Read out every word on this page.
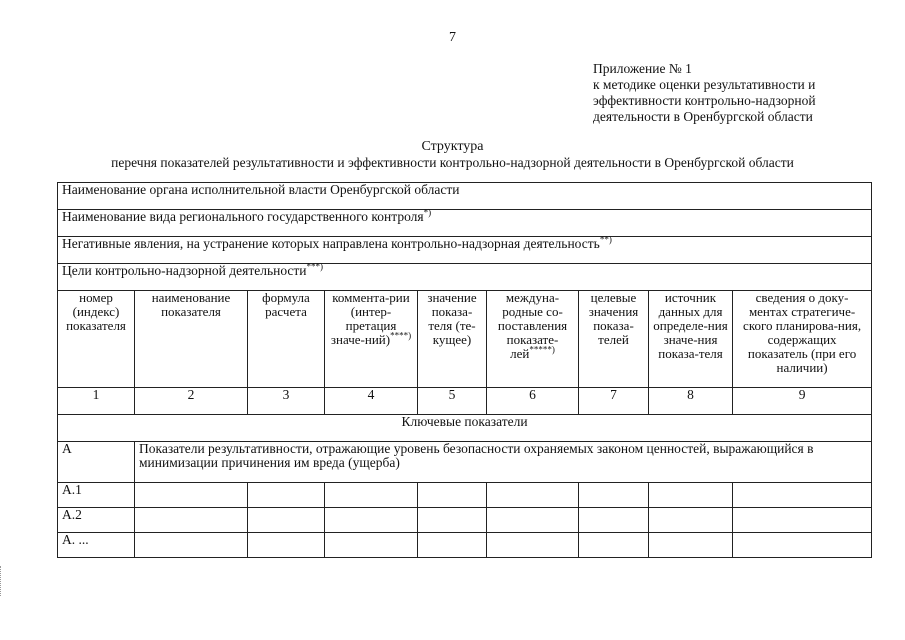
7
Приложение № 1
к методике оценки результативности и
эффективности контрольно-надзорной
деятельности в Оренбургской области
Структура
перечня показателей результативности и эффективности контрольно-надзорной деятельности в Оренбургской области
Наименование органа исполнительной власти Оренбургской области								
Наименование вида регионального государственного контроля*)
Негативные явления, на устранение которых направлена контрольно-надзорная деятельность**)
Цели контрольно-надзорной деятельности***)
номер (индекс) показателя	наименование показателя	формула расчета	коммента-рии (интер-претация значе-ний)****)	значение показа-теля (те-кущее)	междуна-родные со-поставления показате-лей*****)	целевые значения показа-телей	источник данных для определе-ния значе-ния показа-теля	сведения о доку-ментах стратегиче-ского планирова-ния, содержащих показатель (при его наличии)
1	2	3	4	5	6	7	8	9
Ключевые показатели								
А	Показатели результативности, отражающие уровень безопасности охраняемых законом ценностей, выражающийся в минимизации причинения им вреда (ущерба)							
А.1								
А.2								
А. ...								
